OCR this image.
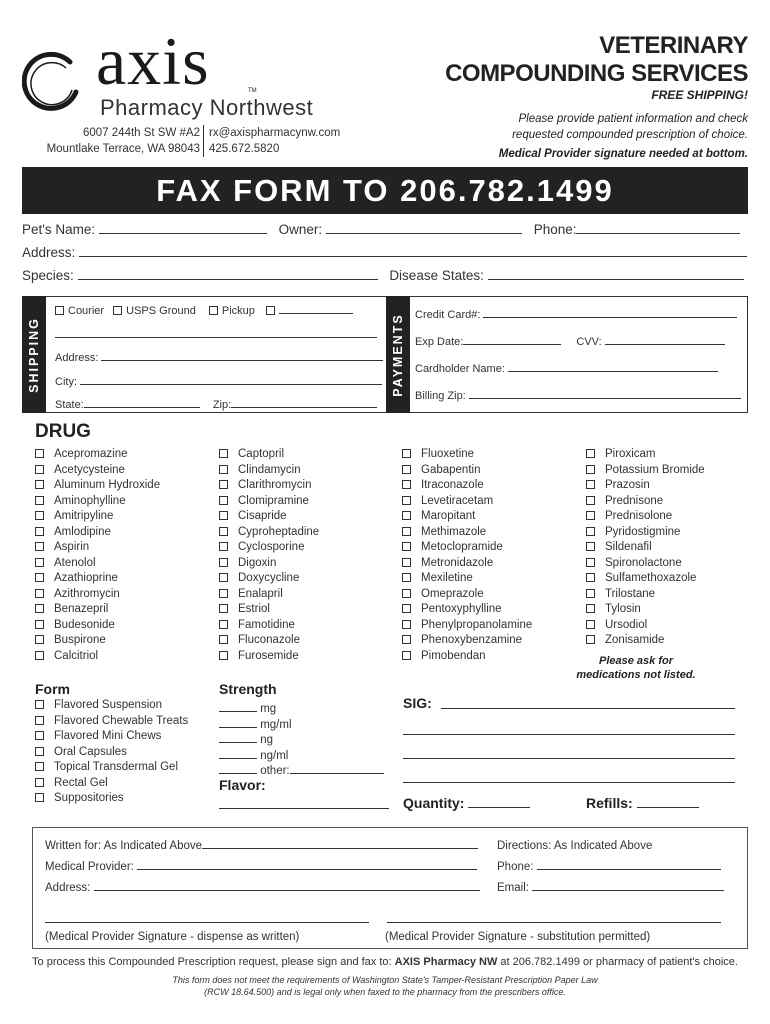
axis	TM
Pharmacy Northwest
6007 244th St SW #A2
Mountlake Terrace, WA 98043
rx@axispharmacynw.com
425.672.5820
VETERINARY
COMPOUNDING SERVICES
FREE SHIPPING!
Please provide patient information and check
requested compounded prescription of choice.
Medical Provider signature needed at bottom.
FAX FORM TO 206.782.1499
Pet's Name:	Owner:	Phone:
Address:
Species:	Disease States:
SHIPPING	PAYMENTS
Courier USPS Ground Pickup
Address:
City:
State:	Zip:
Credit Card#:
Exp Date:	CVV:
Cardholder Name:
Billing Zip:
DRUG
Acepromazine
Acetycysteine
Aluminum Hydroxide
Aminophylline
Amitripyline
Amlodipine
Aspirin
Atenolol
Azathioprine
Azithromycin
Benazepril
Budesonide
Buspirone
Calcitriol
Captopril
Clindamycin
Clarithromycin
Clomipramine
Cisapride
Cyproheptadine
Cyclosporine
Digoxin
Doxycycline
Enalapril
Estriol
Famotidine
Fluconazole
Furosemide
Fluoxetine
Gabapentin
Itraconazole
Levetiracetam
Maropitant
Methimazole
Metoclopramide
Metronidazole
Mexiletine
Omeprazole
Pentoxyphylline
Phenylpropanolamine
Phenoxybenzamine
Pimobendan
Piroxicam
Potassium Bromide
Prazosin
Prednisone
Prednisolone
Pyridostigmine
Sildenafil
Spironolactone
Sulfamethoxazole
Trilostane
Tylosin
Ursodiol
Zonisamide
Please ask for
medications not listed.
Form
Flavored Suspension
Flavored Chewable Treats
Flavored Mini Chews
Oral Capsules
Topical Transdermal Gel
Rectal Gel
Suppositories
Strength
mg
mg/ml
ng
ng/ml
other:
Flavor:
SIG:
Quantity:	Refills:
Written for: As Indicated Above	Directions: As Indicated Above
Medical Provider:	Phone:
Address:	Email:
(Medical Provider Signature - dispense as written)	(Medical Provider Signature - substitution permitted)
To process this Compounded Prescription request, please sign and fax to: AXIS Pharmacy NW at 206.782.1499 or pharmacy of patient's choice.
This form does not meet the requirements of Washington State's Tamper-Resistant Prescription Paper Law
(RCW 18.64.500) and is legal only when faxed to the pharmacy from the prescribers office.
